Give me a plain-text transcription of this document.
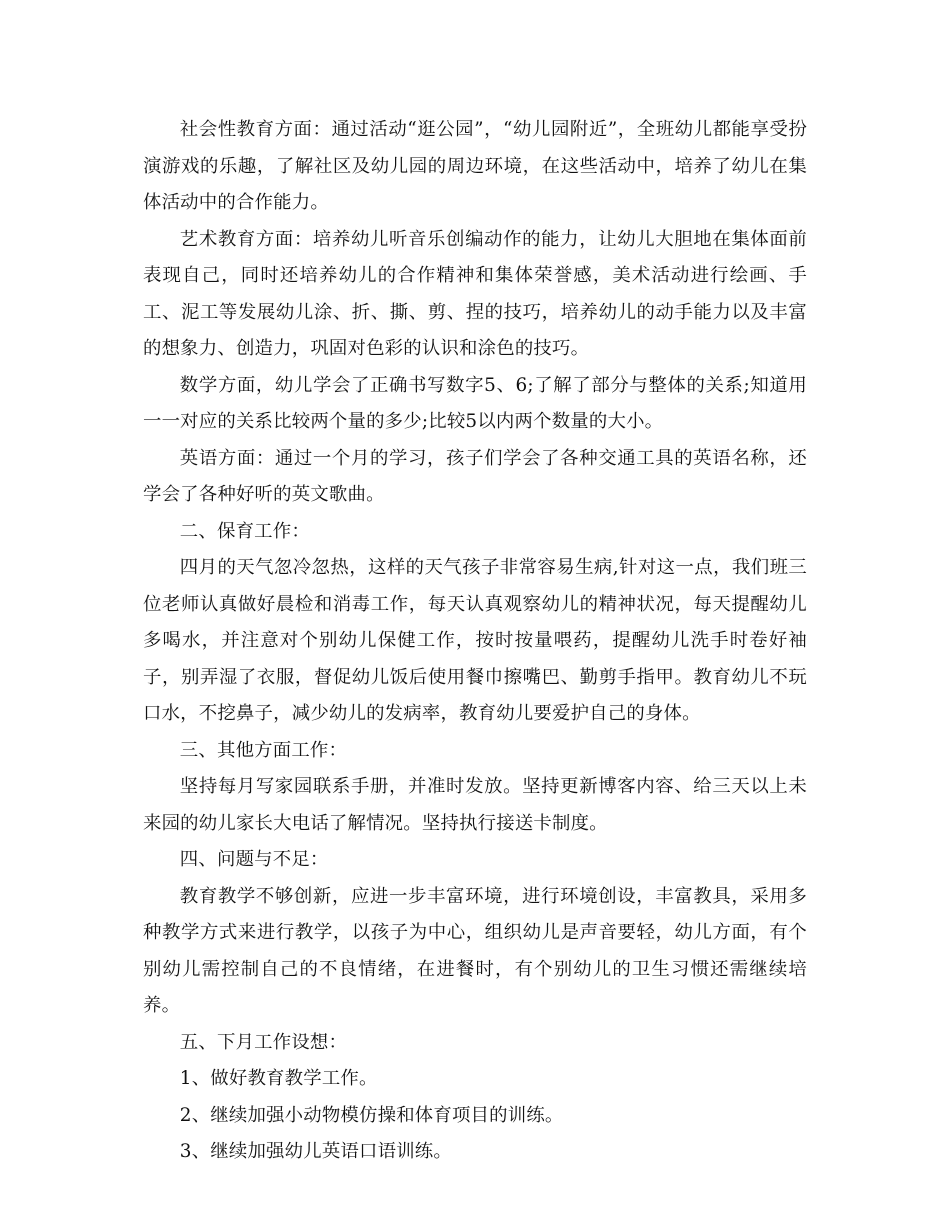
社会性教育方面：通过活动“逛公园”，“幼儿园附近”，全班幼儿都能享受扮演游戏的乐趣，了解社区及幼儿园的周边环境，在这些活动中，培养了幼儿在集体活动中的合作能力。

艺术教育方面：培养幼儿听音乐创编动作的能力，让幼儿大胆地在集体面前表现自己，同时还培养幼儿的合作精神和集体荣誉感，美术活动进行绘画、手工、泥工等发展幼儿涂、折、撕、剪、捏的技巧，培养幼儿的动手能力以及丰富的想象力、创造力，巩固对色彩的认识和涂色的技巧。

数学方面，幼儿学会了正确书写数字5、6;了解了部分与整体的关系;知道用一一对应的关系比较两个量的多少;比较5以内两个数量的大小。

英语方面：通过一个月的学习，孩子们学会了各种交通工具的英语名称，还学会了各种好听的英文歌曲。

二、保育工作：

四月的天气忽冷忽热，这样的天气孩子非常容易生病,针对这一点，我们班三位老师认真做好晨检和消毒工作，每天认真观察幼儿的精神状况，每天提醒幼儿多喝水，并注意对个别幼儿保健工作，按时按量喂药，提醒幼儿洗手时卷好袖子，别弄湿了衣服，督促幼儿饭后使用餐巾擦嘴巴、勤剪手指甲。教育幼儿不玩口水，不挖鼻子，减少幼儿的发病率，教育幼儿要爱护自己的身体。

三、其他方面工作：

坚持每月写家园联系手册，并准时发放。坚持更新博客内容、给三天以上未来园的幼儿家长大电话了解情况。坚持执行接送卡制度。

四、问题与不足：

教育教学不够创新，应进一步丰富环境，进行环境创设，丰富教具，采用多种教学方式来进行教学，以孩子为中心，组织幼儿是声音要轻，幼儿方面，有个别幼儿需控制自己的不良情绪，在进餐时，有个别幼儿的卫生习惯还需继续培养。

五、下月工作设想：

1、做好教育教学工作。

2、继续加强小动物模仿操和体育项目的训练。

3、继续加强幼儿英语口语训练。
